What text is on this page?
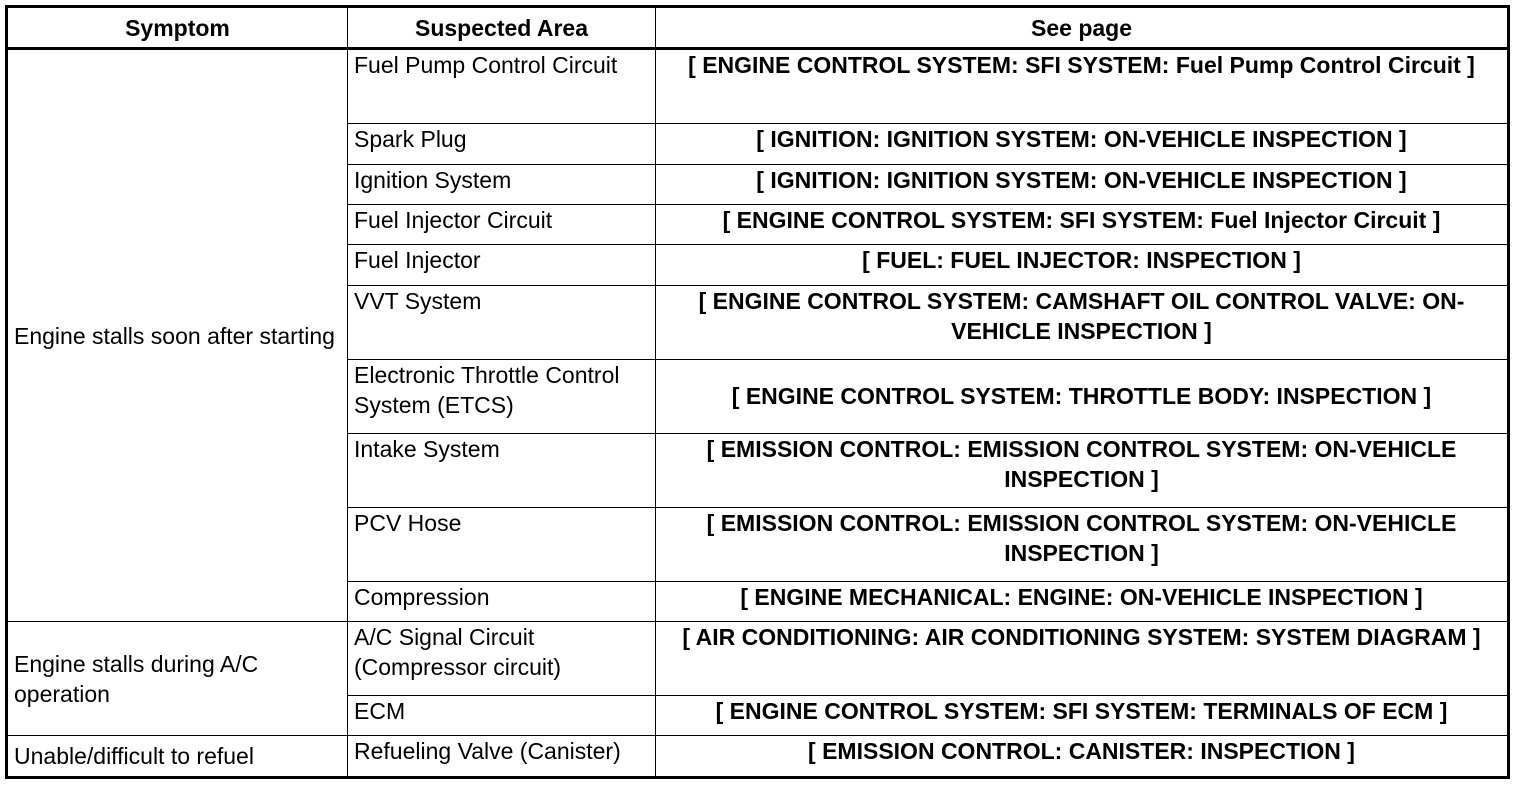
Symptom	Suspected Area	See page
Engine stalls soon after starting	Fuel Pump Control Circuit	[ ENGINE CONTROL SYSTEM: SFI SYSTEM: Fuel Pump Control Circuit ]
	Spark Plug	[ IGNITION: IGNITION SYSTEM: ON-VEHICLE INSPECTION ]
	Ignition System	[ IGNITION: IGNITION SYSTEM: ON-VEHICLE INSPECTION ]
	Fuel Injector Circuit	[ ENGINE CONTROL SYSTEM: SFI SYSTEM: Fuel Injector Circuit ]
	Fuel Injector	[ FUEL: FUEL INJECTOR: INSPECTION ]
	VVT System	[ ENGINE CONTROL SYSTEM: CAMSHAFT OIL CONTROL VALVE: ON-VEHICLE INSPECTION ]
	Electronic Throttle Control System (ETCS)	[ ENGINE CONTROL SYSTEM: THROTTLE BODY: INSPECTION ]
	Intake System	[ EMISSION CONTROL: EMISSION CONTROL SYSTEM: ON-VEHICLE INSPECTION ]
	PCV Hose	[ EMISSION CONTROL: EMISSION CONTROL SYSTEM: ON-VEHICLE INSPECTION ]
	Compression	[ ENGINE MECHANICAL: ENGINE: ON-VEHICLE INSPECTION ]
Engine stalls during A/C operation	A/C Signal Circuit (Compressor circuit)	[ AIR CONDITIONING: AIR CONDITIONING SYSTEM: SYSTEM DIAGRAM ]
	ECM	[ ENGINE CONTROL SYSTEM: SFI SYSTEM: TERMINALS OF ECM ]
Unable/difficult to refuel	Refueling Valve (Canister)	[ EMISSION CONTROL: CANISTER: INSPECTION ]
